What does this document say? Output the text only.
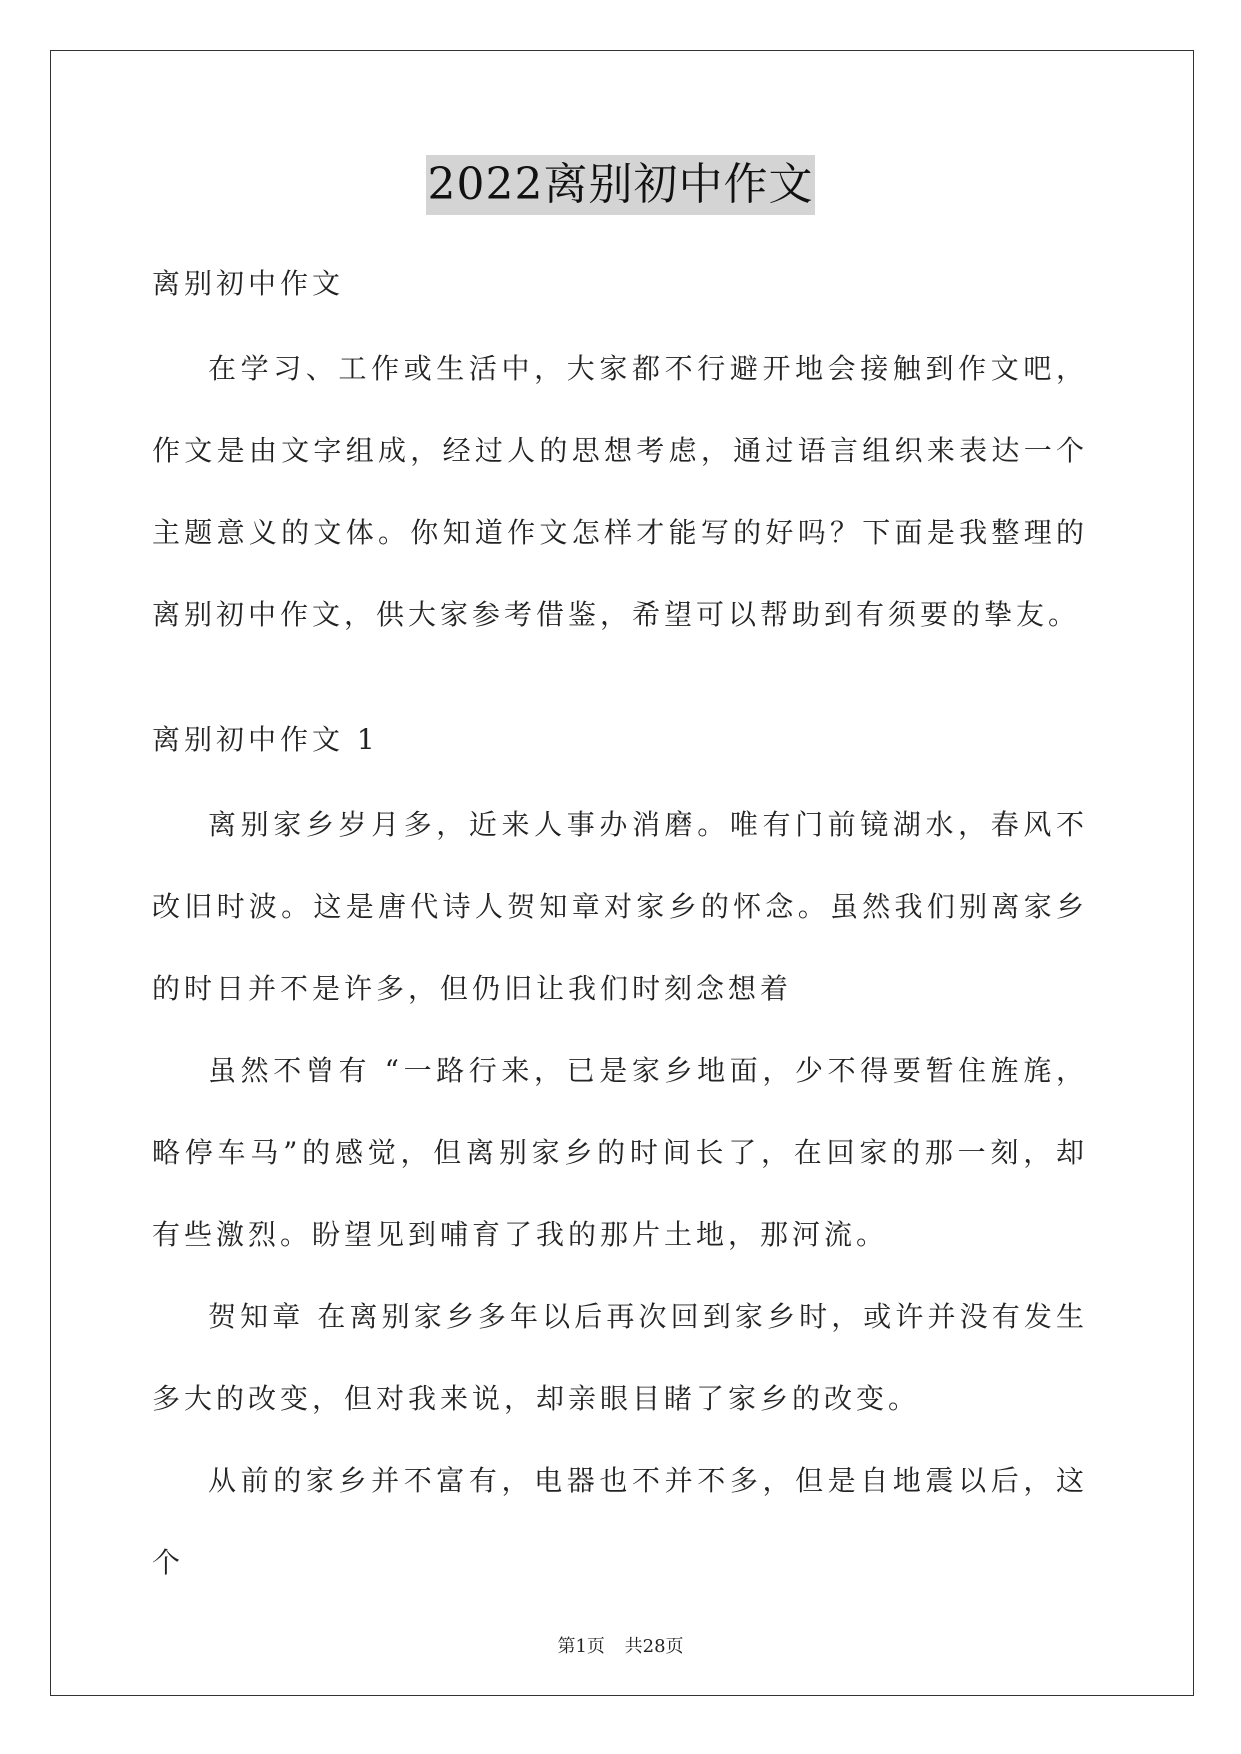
2022离别初中作文

离别初中作文

在学习、工作或生活中，大家都不行避开地会接触到作文吧，作文是由文字组成，经过人的思想考虑，通过语言组织来表达一个主题意义的文体。你知道作文怎样才能写的好吗？下面是我整理的离别初中作文，供大家参考借鉴，希望可以帮助到有须要的挚友。

离别初中作文 1

离别家乡岁月多，近来人事办消磨。唯有门前镜湖水，春风不改旧时波。这是唐代诗人贺知章对家乡的怀念。虽然我们别离家乡的时日并不是许多，但仍旧让我们时刻念想着

虽然不曾有 “一路行来，已是家乡地面，少不得要暂住旌旄，略停车马”的感觉，但离别家乡的时间长了，在回家的那一刻，却有些激烈。盼望见到哺育了我的那片土地，那河流。

贺知章 在离别家乡多年以后再次回到家乡时，或许并没有发生多大的改变，但对我来说，却亲眼目睹了家乡的改变。

从前的家乡并不富有，电器也不并不多，但是自地震以后，这个

第1页 共28页
